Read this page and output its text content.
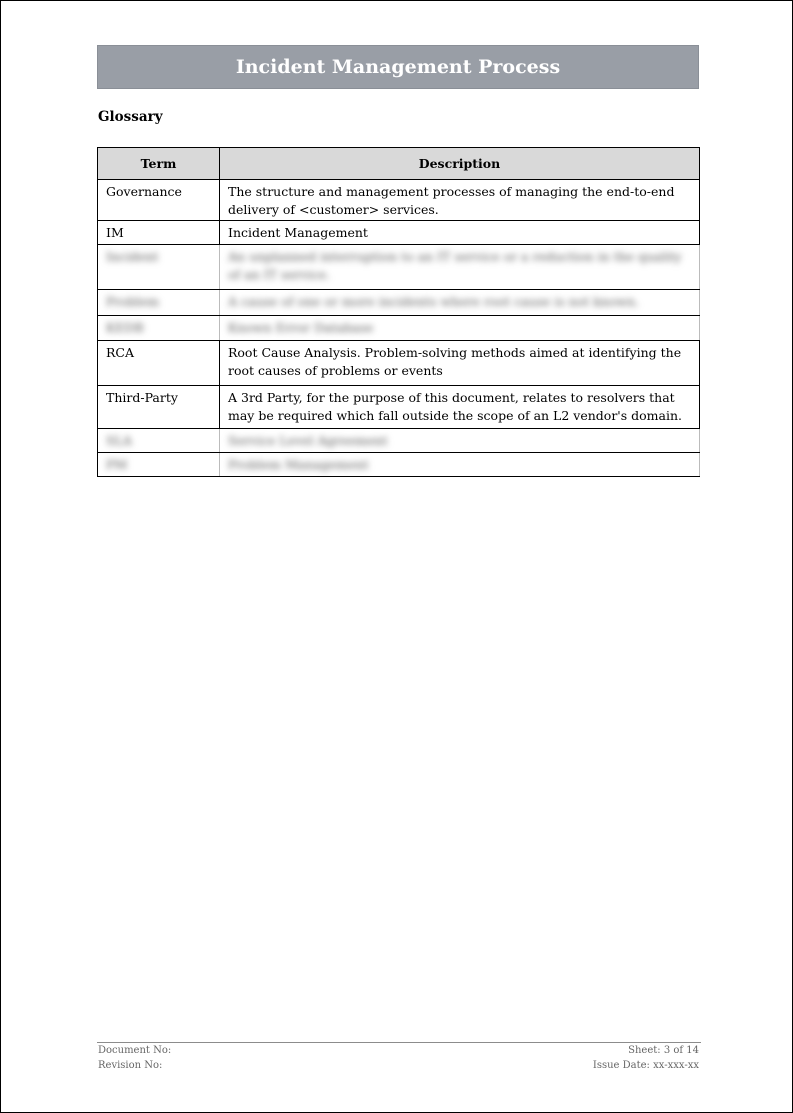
Incident Management Process
Glossary
Term	Description
Governance	The structure and management processes of managing the end-to-end delivery of <customer> services.
IM	Incident Management
Incident	An unplanned interruption to an IT service or a reduction in the quality of an IT service.
Problem	A cause of one or more incidents where root cause is not known.
KEDB	Known Error Database
RCA	Root Cause Analysis. Problem-solving methods aimed at identifying the root causes of problems or events
Third-Party	A 3rd Party, for the purpose of this document, relates to resolvers that may be required which fall outside the scope of an L2 vendor's domain.
SLA	Service Level Agreement
PM	Problem Management
Document No:
Revision No:
Sheet: 3 of 14
Issue Date: xx-xxx-xx
